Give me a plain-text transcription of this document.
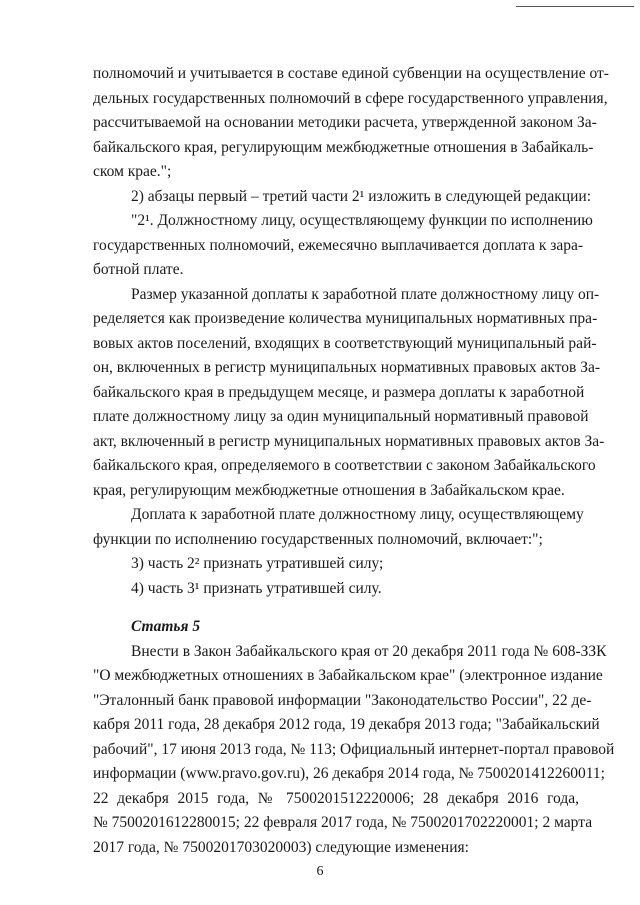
полномочий и учитывается в составе единой субвенции на осуществление от-
дельных государственных полномочий в сфере государственного управления,
рассчитываемой на основании методики расчета, утвержденной законом За-
байкальского края, регулирующим межбюджетные отношения в Забайкаль-
ском крае.";
2) абзацы первый – третий части 2¹ изложить в следующей редакции:
"2¹. Должностному лицу, осуществляющему функции по исполнению
государственных полномочий, ежемесячно выплачивается доплата к зара-
ботной плате.
Размер указанной доплаты к заработной плате должностному лицу оп-
ределяется как произведение количества муниципальных нормативных пра-
вовых актов поселений, входящих в соответствующий муниципальный рай-
он, включенных в регистр муниципальных нормативных правовых актов За-
байкальского края в предыдущем месяце, и размера доплаты к заработной
плате должностному лицу за один муниципальный нормативный правовой
акт, включенный в регистр муниципальных нормативных правовых актов За-
байкальского края, определяемого в соответствии с законом Забайкальского
края, регулирующим межбюджетные отношения в Забайкальском крае.
Доплата к заработной плате должностному лицу, осуществляющему
функции по исполнению государственных полномочий, включает:";
3) часть 2² признать утратившей силу;
4) часть 3¹ признать утратившей силу.
Статья 5
Внести в Закон Забайкальского края от 20 декабря 2011 года № 608-ЗЗК
"О межбюджетных отношениях в Забайкальском крае" (электронное издание
"Эталонный банк правовой информации "Законодательство России", 22 де-
кабря 2011 года, 28 декабря 2012 года, 19 декабря 2013 года; "Забайкальский
рабочий", 17 июня 2013 года, № 113; Официальный интернет-портал правовой
информации (www.pravo.gov.ru), 26 декабря 2014 года, № 7500201412260011;
22 декабря 2015 года, № 7500201512220006; 28 декабря 2016 года,
№ 7500201612280015; 22 февраля 2017 года, № 7500201702220001; 2 марта
2017 года, № 7500201703020003) следующие изменения:
6
